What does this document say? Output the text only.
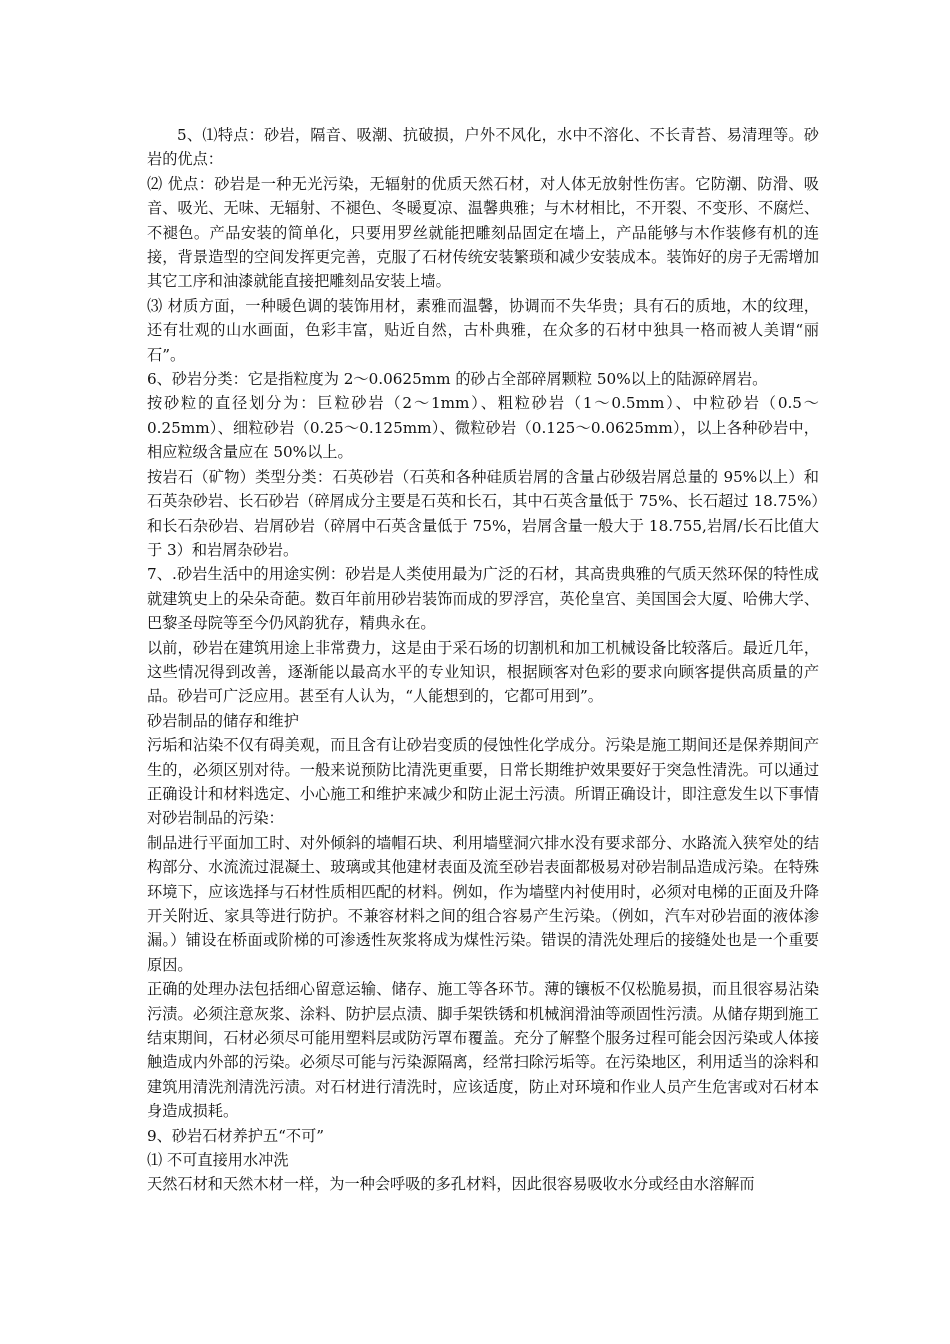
5、⑴特点：砂岩，隔音、吸潮、抗破损，户外不风化，水中不溶化、不长青苔、易清理等。砂岩的优点：

⑵ 优点：砂岩是一种无光污染，无辐射的优质天然石材，对人体无放射性伤害。它防潮、防滑、吸音、吸光、无味、无辐射、不褪色、冬暖夏凉、温馨典雅；与木材相比，不开裂、不变形、不腐烂、不褪色。产品安装的简单化，只要用罗丝就能把雕刻品固定在墙上，产品能够与木作装修有机的连接，背景造型的空间发挥更完善，克服了石材传统安装繁琐和减少安装成本。装饰好的房子无需增加其它工序和油漆就能直接把雕刻品安装上墙。

⑶ 材质方面，一种暖色调的装饰用材，素雅而温馨，协调而不失华贵；具有石的质地，木的纹理，还有壮观的山水画面，色彩丰富，贴近自然，古朴典雅，在众多的石材中独具一格而被人美谓“丽石”。

6、砂岩分类：它是指粒度为 2～0.0625mm 的砂占全部碎屑颗粒 50%以上的陆源碎屑岩。

按砂粒的直径划分为：巨粒砂岩（2～1mm）、粗粒砂岩（1～0.5mm）、中粒砂岩（0.5～0.25mm）、细粒砂岩（0.25～0.125mm）、微粒砂岩（0.125～0.0625mm），以上各种砂岩中，相应粒级含量应在 50%以上。

按岩石（矿物）类型分类：石英砂岩（石英和各种硅质岩屑的含量占砂级岩屑总量的 95%以上）和石英杂砂岩、长石砂岩（碎屑成分主要是石英和长石，其中石英含量低于 75%、长石超过 18.75%）和长石杂砂岩、岩屑砂岩（碎屑中石英含量低于 75%，岩屑含量一般大于 18.755,岩屑/长石比值大于 3）和岩屑杂砂岩。

7、.砂岩生活中的用途实例：砂岩是人类使用最为广泛的石材，其高贵典雅的气质天然环保的特性成就建筑史上的朵朵奇葩。数百年前用砂岩装饰而成的罗浮宫，英伦皇宫、美国国会大厦、哈佛大学、巴黎圣母院等至今仍风韵犹存，精典永在。

以前，砂岩在建筑用途上非常费力，这是由于采石场的切割机和加工机械设备比较落后。最近几年，这些情况得到改善，逐渐能以最高水平的专业知识，根据顾客对色彩的要求向顾客提供高质量的产品。砂岩可广泛应用。甚至有人认为，“人能想到的，它都可用到”。

砂岩制品的储存和维护

污垢和沾染不仅有碍美观，而且含有让砂岩变质的侵蚀性化学成分。污染是施工期间还是保养期间产生的，必须区别对待。一般来说预防比清洗更重要，日常长期维护效果要好于突急性清洗。可以通过正确设计和材料选定、小心施工和维护来减少和防止泥土污渍。所谓正确设计，即注意发生以下事情对砂岩制品的污染：

制品进行平面加工时、对外倾斜的墙帽石块、利用墙壁洞穴排水没有要求部分、水路流入狭窄处的结构部分、水流流过混凝土、玻璃或其他建材表面及流至砂岩表面都极易对砂岩制品造成污染。在特殊环境下，应该选择与石材性质相匹配的材料。例如，作为墙壁内衬使用时，必须对电梯的正面及升降开关附近、家具等进行防护。不兼容材料之间的组合容易产生污染。（例如，汽车对砂岩面的液体渗漏。）铺设在桥面或阶梯的可渗透性灰浆将成为煤性污染。错误的清洗处理后的接缝处也是一个重要原因。

正确的处理办法包括细心留意运输、储存、施工等各环节。薄的镶板不仅松脆易损，而且很容易沾染污渍。必须注意灰浆、涂料、防护层点渍、脚手架铁锈和机械润滑油等顽固性污渍。从储存期到施工结束期间，石材必须尽可能用塑料层或防污罩布覆盖。充分了解整个服务过程可能会因污染或人体接触造成内外部的污染。必须尽可能与污染源隔离，经常扫除污垢等。在污染地区，利用适当的涂料和建筑用清洗剂清洗污渍。对石材进行清洗时，应该适度，防止对环境和作业人员产生危害或对石材本身造成损耗。

9、砂岩石材养护五“不可”

⑴ 不可直接用水冲洗

天然石材和天然木材一样，为一种会呼吸的多孔材料，因此很容易吸收水分或经由水溶解而
